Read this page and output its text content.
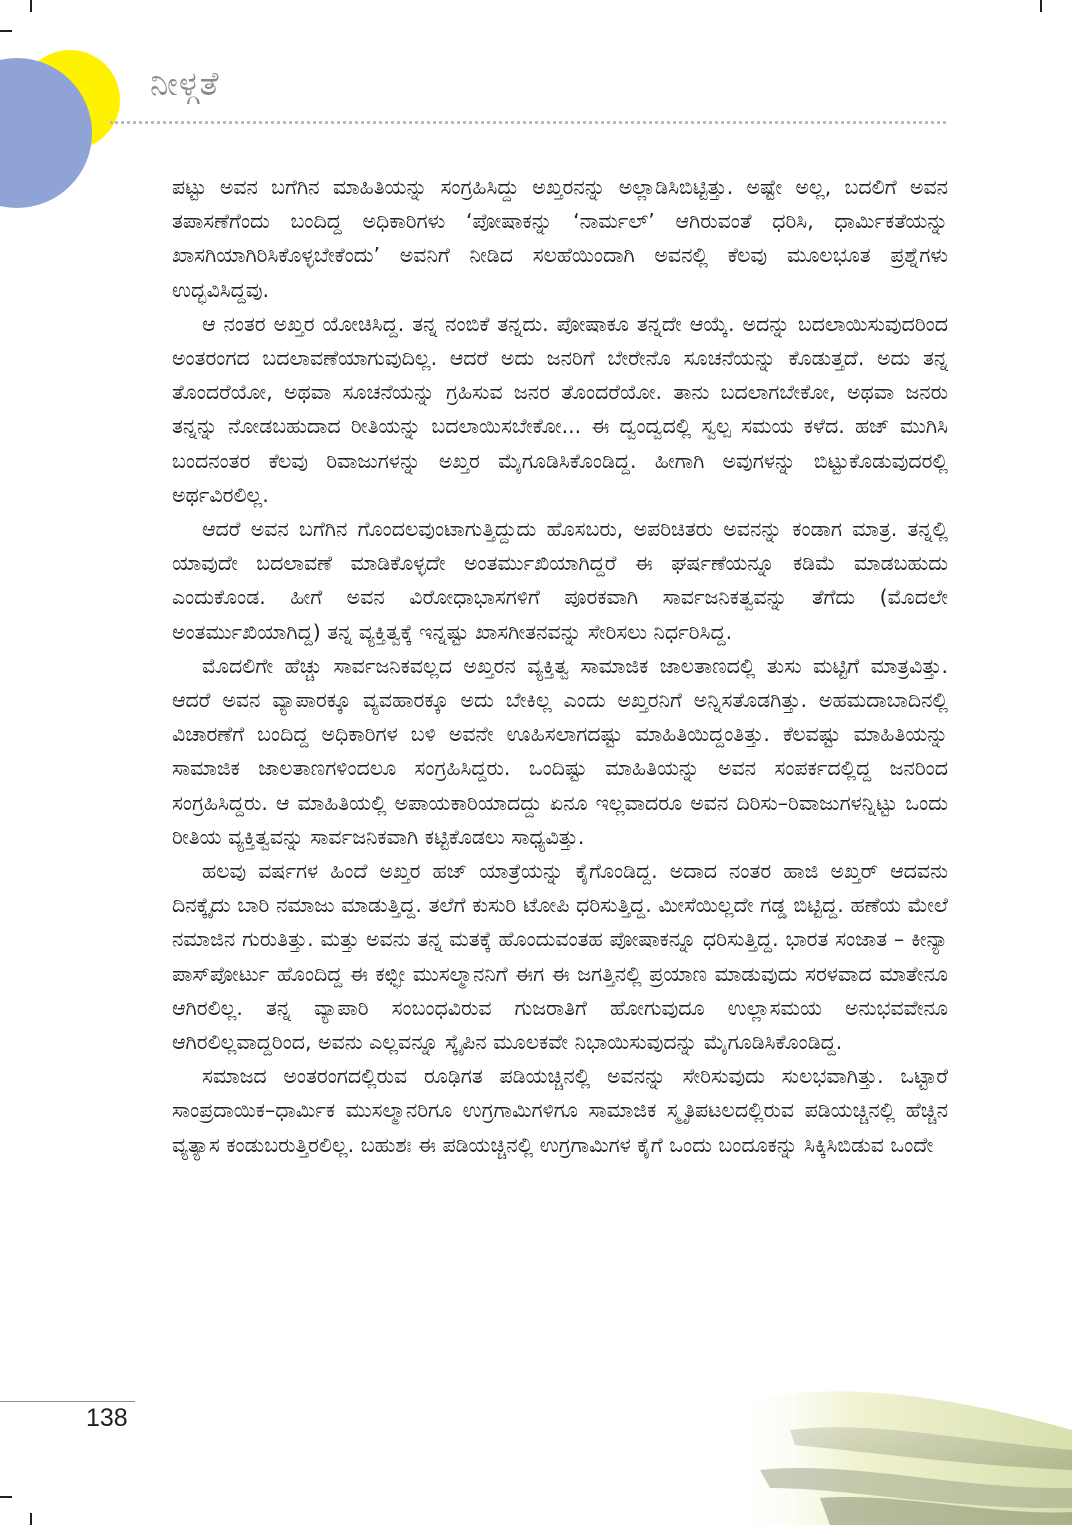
ನೀಳ್ಗತೆ

ಪಟ್ಟು ಅವನ ಬಗೆಗಿನ ಮಾಹಿತಿಯನ್ನು ಸಂಗ್ರಹಿಸಿದ್ದು ಅಖ್ತರನನ್ನು ಅಲ್ಲಾಡಿಸಿಬಿಟ್ಟಿತ್ತು. ಅಷ್ಟೇ ಅಲ್ಲ, ಬದಲಿಗೆ ಅವನ ತಪಾಸಣೆಗೆಂದು ಬಂದಿದ್ದ ಅಧಿಕಾರಿಗಳು ‘ಪೋಷಾಕನ್ನು ‘ನಾರ್ಮಲ್’ ಆಗಿರುವಂತೆ ಧರಿಸಿ, ಧಾರ್ಮಿಕತೆಯನ್ನು ಖಾಸಗಿಯಾಗಿರಿಸಿಕೊಳ್ಳಬೇಕೆಂದು’ ಅವನಿಗೆ ನೀಡಿದ ಸಲಹೆಯಿಂದಾಗಿ ಅವನಲ್ಲಿ ಕೆಲವು ಮೂಲಭೂತ ಪ್ರಶ್ನೆಗಳು ಉದ್ಭವಿಸಿದ್ದವು.

ಆ ನಂತರ ಅಖ್ತರ ಯೋಚಿಸಿದ್ದ. ತನ್ನ ನಂಬಿಕೆ ತನ್ನದು. ಪೋಷಾಕೂ ತನ್ನದೇ ಆಯ್ಕೆ. ಅದನ್ನು ಬದಲಾಯಿಸುವುದರಿಂದ ಅಂತರಂಗದ ಬದಲಾವಣೆಯಾಗುವುದಿಲ್ಲ. ಆದರೆ ಅದು ಜನರಿಗೆ ಬೇರೇನೊ ಸೂಚನೆಯನ್ನು ಕೊಡುತ್ತದೆ. ಅದು ತನ್ನ ತೊಂದರೆಯೋ, ಅಥವಾ ಸೂಚನೆಯನ್ನು ಗ್ರಹಿಸುವ ಜನರ ತೊಂದರೆಯೋ. ತಾನು ಬದಲಾಗಬೇಕೋ, ಅಥವಾ ಜನರು ತನ್ನನ್ನು ನೋಡಬಹುದಾದ ರೀತಿಯನ್ನು ಬದಲಾಯಿಸಬೇಕೋ... ಈ ದ್ವಂದ್ವದಲ್ಲಿ ಸ್ವಲ್ಪ ಸಮಯ ಕಳೆದ. ಹಜ್ ಮುಗಿಸಿ ಬಂದನಂತರ ಕೆಲವು ರಿವಾಜುಗಳನ್ನು ಅಖ್ತರ ಮೈಗೂಡಿಸಿಕೊಂಡಿದ್ದ. ಹೀಗಾಗಿ ಅವುಗಳನ್ನು ಬಿಟ್ಟುಕೊಡುವುದರಲ್ಲಿ ಅರ್ಥವಿರಲಿಲ್ಲ.

ಆದರೆ ಅವನ ಬಗೆಗಿನ ಗೊಂದಲವುಂಟಾಗುತ್ತಿದ್ದುದು ಹೊಸಬರು, ಅಪರಿಚಿತರು ಅವನನ್ನು ಕಂಡಾಗ ಮಾತ್ರ. ತನ್ನಲ್ಲಿ ಯಾವುದೇ ಬದಲಾವಣೆ ಮಾಡಿಕೊಳ್ಳದೇ ಅಂತರ್ಮುಖಿಯಾಗಿದ್ದರೆ ಈ ಘರ್ಷಣೆಯನ್ನೂ ಕಡಿಮೆ ಮಾಡಬಹುದು ಎಂದುಕೊಂಡ. ಹೀಗೆ ಅವನ ವಿರೋಧಾಭಾಸಗಳಿಗೆ ಪೂರಕವಾಗಿ ಸಾರ್ವಜನಿಕತ್ವವನ್ನು ತೆಗೆದು (ಮೊದಲೇ ಅಂತರ್ಮುಖಿಯಾಗಿದ್ದ) ತನ್ನ ವ್ಯಕ್ತಿತ್ವಕ್ಕೆ ಇನ್ನಷ್ಟು ಖಾಸಗೀತನವನ್ನು ಸೇರಿಸಲು ನಿರ್ಧರಿಸಿದ್ದ.

ಮೊದಲಿಗೇ ಹೆಚ್ಚು ಸಾರ್ವಜನಿಕವಲ್ಲದ ಅಖ್ತರನ ವ್ಯಕ್ತಿತ್ವ ಸಾಮಾಜಿಕ ಜಾಲತಾಣದಲ್ಲಿ ತುಸು ಮಟ್ಟಿಗೆ ಮಾತ್ರವಿತ್ತು. ಆದರೆ ಅವನ ವ್ಯಾಪಾರಕ್ಕೂ ವ್ಯವಹಾರಕ್ಕೂ ಅದು ಬೇಕಿಲ್ಲ ಎಂದು ಅಖ್ತರನಿಗೆ ಅನ್ನಿಸತೊಡಗಿತ್ತು. ಅಹಮದಾಬಾದಿನಲ್ಲಿ ವಿಚಾರಣೆಗೆ ಬಂದಿದ್ದ ಅಧಿಕಾರಿಗಳ ಬಳಿ ಅವನೇ ಊಹಿಸಲಾಗದಷ್ಟು ಮಾಹಿತಿಯಿದ್ದಂತಿತ್ತು. ಕೆಲವಷ್ಟು ಮಾಹಿತಿಯನ್ನು ಸಾಮಾಜಿಕ ಜಾಲತಾಣಗಳಿಂದಲೂ ಸಂಗ್ರಹಿಸಿದ್ದರು. ಒಂದಿಷ್ಟು ಮಾಹಿತಿಯನ್ನು ಅವನ ಸಂಪರ್ಕದಲ್ಲಿದ್ದ ಜನರಿಂದ ಸಂಗ್ರಹಿಸಿದ್ದರು. ಆ ಮಾಹಿತಿಯಲ್ಲಿ ಅಪಾಯಕಾರಿಯಾದದ್ದು ಏನೂ ಇಲ್ಲವಾದರೂ ಅವನ ದಿರಿಸು–ರಿವಾಜುಗಳನ್ನಿಟ್ಟು ಒಂದು ರೀತಿಯ ವ್ಯಕ್ತಿತ್ವವನ್ನು ಸಾರ್ವಜನಿಕವಾಗಿ ಕಟ್ಟಿಕೊಡಲು ಸಾಧ್ಯವಿತ್ತು.

ಹಲವು ವರ್ಷಗಳ ಹಿಂದೆ ಅಖ್ತರ ಹಜ್ ಯಾತ್ರೆಯನ್ನು ಕೈಗೊಂಡಿದ್ದ. ಅದಾದ ನಂತರ ಹಾಜಿ ಅಖ್ತರ್ ಆದವನು ದಿನಕ್ಕೈದು ಬಾರಿ ನಮಾಜು ಮಾಡುತ್ತಿದ್ದ. ತಲೆಗೆ ಕುಸುರಿ ಟೋಪಿ ಧರಿಸುತ್ತಿದ್ದ. ಮೀಸೆಯಿಲ್ಲದೇ ಗಡ್ಡ ಬಿಟ್ಟಿದ್ದ. ಹಣೆಯ ಮೇಲೆ ನಮಾಜಿನ ಗುರುತಿತ್ತು. ಮತ್ತು ಅವನು ತನ್ನ ಮತಕ್ಕೆ ಹೊಂದುವಂತಹ ಪೋಷಾಕನ್ನೂ ಧರಿಸುತ್ತಿದ್ದ. ಭಾರತ ಸಂಜಾತ – ಕೀನ್ಯಾ ಪಾಸ್‌ಪೋರ್ಟು ಹೊಂದಿದ್ದ ಈ ಕಛ್ಛೀ ಮುಸಲ್ಮಾನನಿಗೆ ಈಗ ಈ ಜಗತ್ತಿನಲ್ಲಿ ಪ್ರಯಾಣ ಮಾಡುವುದು ಸರಳವಾದ ಮಾತೇನೂ ಆಗಿರಲಿಲ್ಲ. ತನ್ನ ವ್ಯಾಪಾರಿ ಸಂಬಂಧವಿರುವ ಗುಜರಾತಿಗೆ ಹೋಗುವುದೂ ಉಲ್ಲಾಸಮಯ ಅನುಭವವೇನೂ ಆಗಿರಲಿಲ್ಲವಾದ್ದರಿಂದ, ಅವನು ಎಲ್ಲವನ್ನೂ ಸ್ಕೈಪಿನ ಮೂಲಕವೇ ನಿಭಾಯಿಸುವುದನ್ನು ಮೈಗೂಡಿಸಿಕೊಂಡಿದ್ದ.

ಸಮಾಜದ ಅಂತರಂಗದಲ್ಲಿರುವ ರೂಢಿಗತ ಪಡಿಯಚ್ಚಿನಲ್ಲಿ ಅವನನ್ನು ಸೇರಿಸುವುದು ಸುಲಭವಾಗಿತ್ತು. ಒಟ್ಟಾರೆ ಸಾಂಪ್ರದಾಯಿಕ–ಧಾರ್ಮಿಕ ಮುಸಲ್ಮಾನರಿಗೂ ಉಗ್ರಗಾಮಿಗಳಿಗೂ ಸಾಮಾಜಿಕ ಸ್ಮೃತಿಪಟಲದಲ್ಲಿರುವ ಪಡಿಯಚ್ಚಿನಲ್ಲಿ ಹೆಚ್ಚಿನ ವ್ಯತ್ಯಾಸ ಕಂಡುಬರುತ್ತಿರಲಿಲ್ಲ. ಬಹುಶಃ ಈ ಪಡಿಯಚ್ಚಿನಲ್ಲಿ ಉಗ್ರಗಾಮಿಗಳ ಕೈಗೆ ಒಂದು ಬಂದೂಕನ್ನು ಸಿಕ್ಕಿಸಿಬಿಡುವ ಒಂದೇ

138
